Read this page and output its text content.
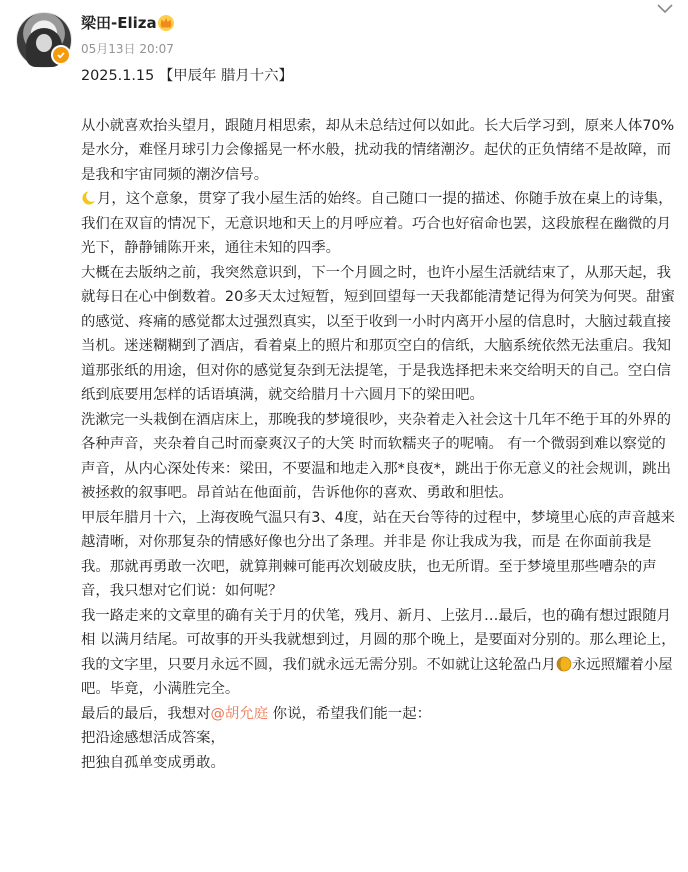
梁田-Eliza
05月13日 20:07

2025.1.15 【甲辰年 腊月十六】

从小就喜欢抬头望月，跟随月相思索，却从未总结过何以如此。长大后学习到，原来人体70%是水分，难怪月球引力会像摇晃一杯水般，扰动我的情绪潮汐。起伏的正负情绪不是故障，而是我和宇宙同频的潮汐信号。

月，这个意象，贯穿了我小屋生活的始终。自己随口一提的描述、你随手放在桌上的诗集，我们在双盲的情况下，无意识地和天上的月呼应着。巧合也好宿命也罢，这段旅程在幽微的月光下，静静铺陈开来，通往未知的四季。

大概在去版纳之前，我突然意识到，下一个月圆之时，也许小屋生活就结束了，从那天起，我就每日在心中倒数着。20多天太过短暂，短到回望每一天我都能清楚记得为何笑为何哭。甜蜜的感觉、疼痛的感觉都太过强烈真实，以至于收到一小时内离开小屋的信息时，大脑过载直接当机。迷迷糊糊到了酒店，看着桌上的照片和那页空白的信纸，大脑系统依然无法重启。我知道那张纸的用途，但对你的感觉复杂到无法提笔，于是我选择把未来交给明天的自己。空白信纸到底要用怎样的话语填满，就交给腊月十六圆月下的梁田吧。

洗漱完一头栽倒在酒店床上，那晚我的梦境很吵，夹杂着走入社会这十几年不绝于耳的外界的各种声音，夹杂着自己时而豪爽汉子的大笑 时而软糯夹子的呢喃。 有一个微弱到难以察觉的声音，从内心深处传来：梁田，不要温和地走入那*良夜*，跳出于你无意义的社会规训，跳出被拯救的叙事吧。昂首站在他面前，告诉他你的喜欢、勇敢和胆怯。

甲辰年腊月十六，上海夜晚气温只有3、4度，站在天台等待的过程中，梦境里心底的声音越来越清晰，对你那复杂的情感好像也分出了条理。并非是 你让我成为我，而是 在你面前我是我。那就再勇敢一次吧，就算荆棘可能再次划破皮肤，也无所谓。至于梦境里那些嘈杂的声音，我只想对它们说：如何呢？

我一路走来的文章里的确有关于月的伏笔，残月、新月、上弦月…最后，也的确有想过跟随月相 以满月结尾。可故事的开头我就想到过，月圆的那个晚上，是要面对分别的。那么理论上，我的文字里，只要月永远不圆，我们就永远无需分别。不如就让这轮盈凸月 永远照耀着小屋吧。毕竟，小满胜完全。

最后的最后，我想对@胡允庭 你说，希望我们能一起：

把沿途感想活成答案，

把独自孤单变成勇敢。
